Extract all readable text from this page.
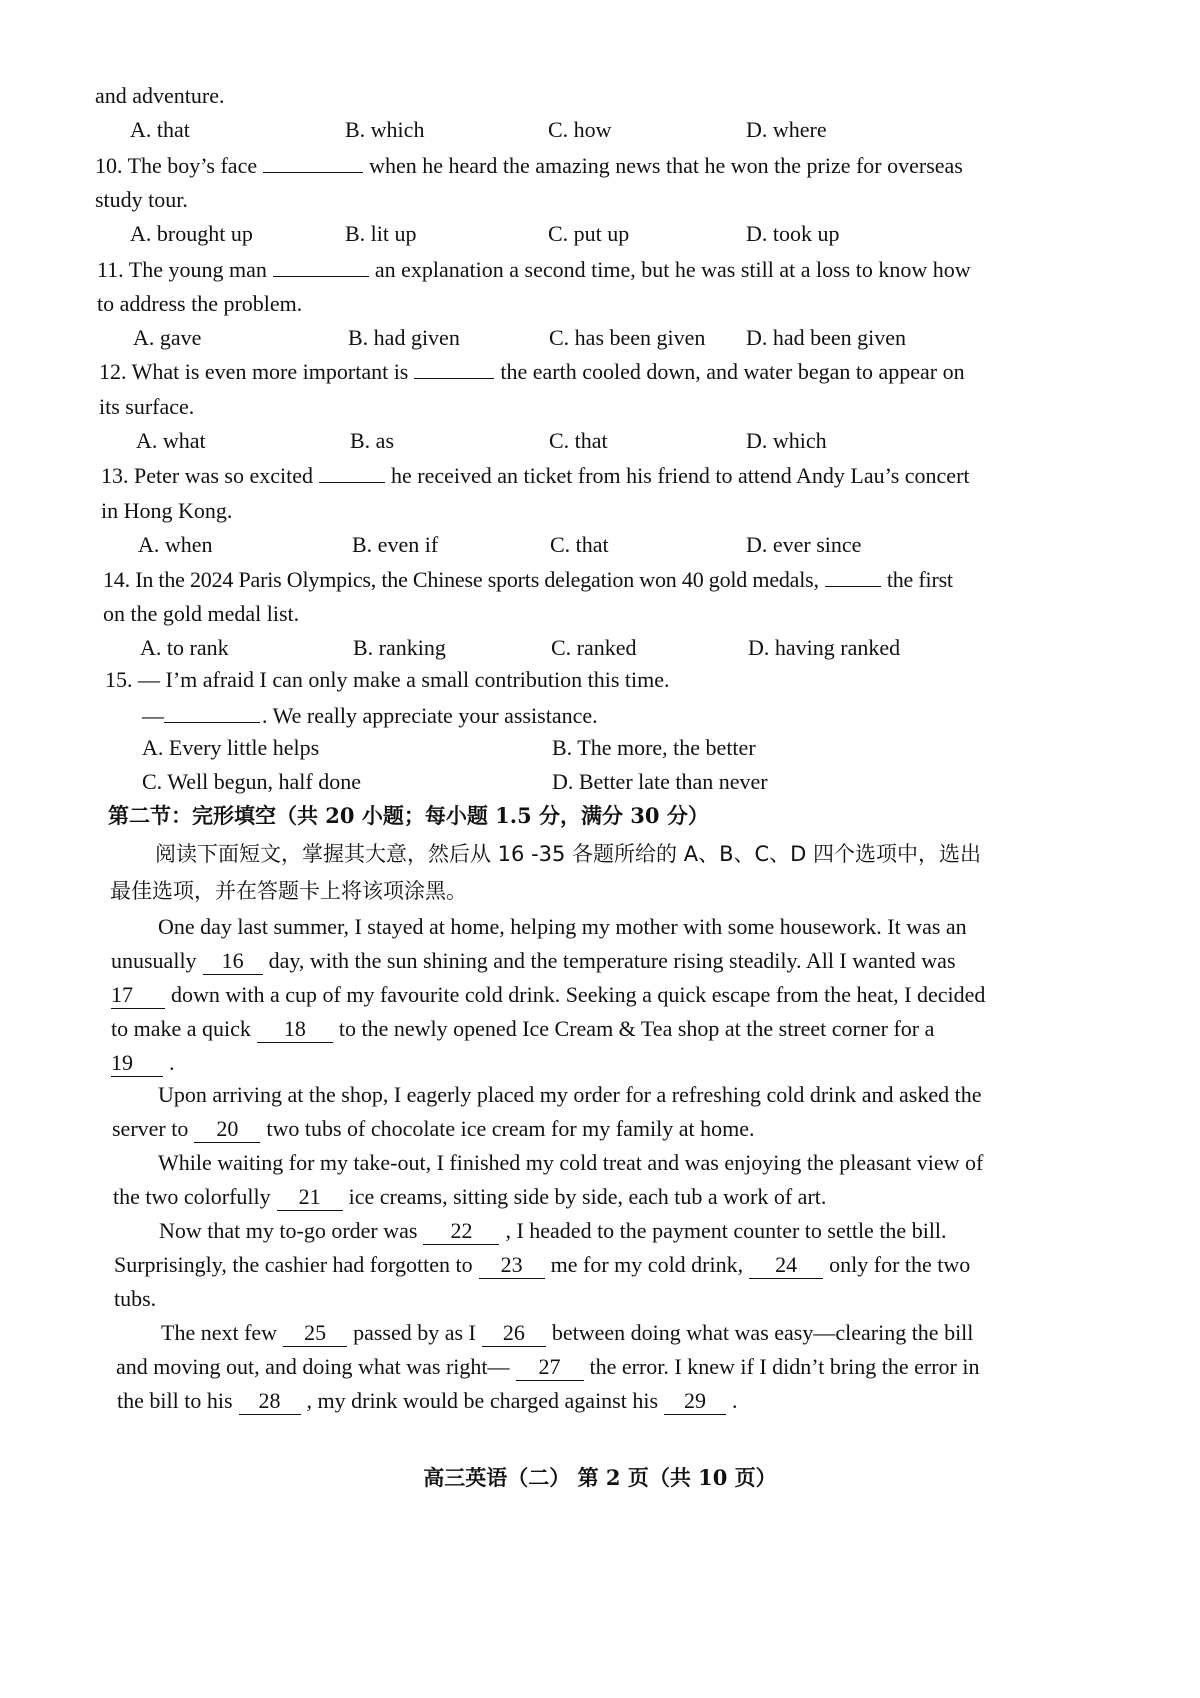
and adventure.
A. that	B. which	C. how	D. where
10. The boy’s face	when he heard the amazing news that he won the prize for overseas
study tour.
A. brought up	B. lit up	C. put up	D. took up
11. The young man	an explanation a second time, but he was still at a loss to know how
to address the problem.
A. gave	B. had given	C. has been given D. had been given
12. What is even more important is	the earth cooled down, and water began to appear on
its surface.
A. what	B. as	C. that	D. which
13. Peter was so excited	he received an ticket from his friend to attend Andy Lau’s concert
in Hong Kong.
A. when	B. even if	C. that	D. ever since
14. In the 2024 Paris Olympics, the Chinese sports delegation won 40 gold medals,	the first
on the gold medal list.
A. to rank	B. ranking	C. ranked	D. having ranked
15. — I’m afraid I can only make a small contribution this time.
—	. We really appreciate your assistance.
A. Every little helps	B. The more, the better
C. Well begun, half done	D. Better late than never
第二节：完形填空（共 20 小题；每小题 1.5 分，满分 30 分）
阅读下面短文，掌握其大意，然后从 16 -35 各题所给的 A、B、C、D 四个选项中，选出
最佳选项，并在答题卡上将该项涂黑。
One day last summer, I stayed at home, helping my mother with some housework. It was an
unusually 16 day, with the sun shining and the temperature rising steadily. All I wanted was
17 down with a cup of my favourite cold drink. Seeking a quick escape from the heat, I decided
to make a quick 18 to the newly opened Ice Cream & Tea shop at the street corner for a
19 .
Upon arriving at the shop, I eagerly placed my order for a refreshing cold drink and asked the
server to 20 two tubs of chocolate ice cream for my family at home.
While waiting for my take-out, I finished my cold treat and was enjoying the pleasant view of
the two colorfully 21 ice creams, sitting side by side, each tub a work of art.
Now that my to-go order was 22 , I headed to the payment counter to settle the bill.
Surprisingly, the cashier had forgotten to 23 me for my cold drink, 24 only for the two
tubs.
The next few 25 passed by as I 26 between doing what was easy—clearing the bill
and moving out, and doing what was right— 27 the error. I knew if I didn’t bring the error in
the bill to his 28 , my drink would be charged against his 29 .
高三英语（二） 第 2 页（共 10 页）
